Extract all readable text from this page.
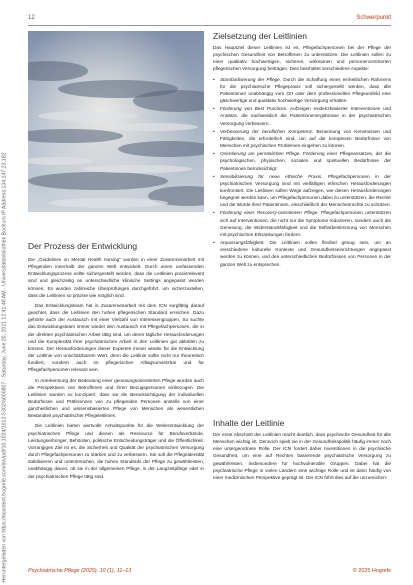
Heruntergeladen von https://econtent.hogrefe.com/doi/pdf/10.1024/1012-5302/a000807 - Saturday, June 20, 2021 12:41:48 AM - Universitätsbibliothek Bochum IP Address:134.147.23.182
12	Schwerpunkt
Der Prozess der Entwicklung

Die „Guidelines on Mental Health nursing“ wurden in einer Zusammenarbeit mit Pflegenden innerhalb der ganzen Welt entwickelt. Durch einen umfassenden Entwicklungsprozess sollte sichergestellt werden, dass die Leitlinien praxisrelevant sind und gleichzeitig an unterschiedliche klinische Settings angepasst werden können. Es wurden zahlreiche Überprüfungen durchgeführt, um sicherzustellen, dass die Leitlinien so präzise wie möglich sind.

Das Entwicklungsteam hat in Zusammenarbeit mit dem ICN sorgfältig darauf geachtet, dass die Leitlinien den hohen pflegerischen Standard erreichen. Dazu gehörte auch der Austausch mit einer Vielzahl von Interessengruppen. So suchte das Entwicklungsteam immer wieder den Austausch mit Pflegefachpersonen, die in der direkten psychiatrischen Arbeit tätig sind, um deren tägliche Herausforderungen und die Komplexität ihrer psychiatrischen Arbeit in den Leitlinien gut abbilden zu können. Der Herausforderungen dieser Experten immer wieder für die Entwicklung der Leitlinie von unschätzbarem Wert, denn die Leitlinie sollte nicht nur theoretisch fundiert, sondern auch im pflegerischen Alltagsumsetzbar und für Pflegefachpersonen relevant sein.

In Anerkennung der Bedeutung einer genesungsorientierten Pflege wurden auch die Perspektiven von Betroffenen und ihren Bezugspersonen einbezogen. Die Leitlinien wurden so konzipiert, dass sie die Berücksichtigung der individuellen Bedürfnisse und Präferenzen von zu pflegenden Personen anstelle von einer ganzheitlichen und wissensbasierten Pflege von Menschen als wesentlichen Bestandteil psychiatrischer Pflegeleitlinien.

Die Leitlinien bieten wertvolle Anhaltspunkte für die Weiterentwicklung der psychiatrischen Pflege und dienen als Ressource für Berufsverbände, Leistungserbringer, Behörden, politische Entscheidungsträger und die Öffentlichkeit. Vorrangiges Ziel ist es, die Sicherheit und Qualität der psychiatrischen Versorgung durch Pflegefachpersonen zu stärken und zu verbessern. Sie soll die Pflegeidentität stabilisieren und unterstreichen, die hohen Standards der Pflege zu gewährleisten, unabhängig davon, ob sie in der allgemeinen Pflege, in der Langzeitpflege oder in der psychiatrischen Pflege tätig sind.

Zielsetzung der Leitlinien

Das Hauptziel dieser Leitlinien ist es, Pflegefachpersonen bei der Pflege der psychischen Gesundheit von Betroffenen zu unterstützen. Die Leitlinien sollen zu einer qualitativ hochwertigen, sicheren, wirksamen und personenzentrierten pflegerischen Versorgung beitragen. Dies beinhaltet verschiedene Aspekte:

• Standardisierung der Pflege. Durch die Schaffung eines einheitlichen Rahmens für die psychiatrische Pflegepraxis soll sichergestellt werden, dass alle Patientinnen unabhängig vom Ort oder dem professionellen Pflegeumfeld eine gleichwertige und qualitativ hochwertige Versorgung erhalten.
• Förderung von Best Practices. Aufzeigen evidenzbasierter Interventionen und Ansätze, die nachweislich die Patientinnenergebnisse in der psychiatrischen Versorgung verbessern.
• Verbesserung der beruflichen Kompetenz. Benennung von Kenntnissen und Fähigkeiten, die erforderlich sind, um auf die komplexen Bedürfnisse von Menschen mit psychischen Problemen eingehen zu können.
• Orientierung am persönlichen Pflege. Förderung einer Pflegeansatzes, der die psychologischen, physischen, sozialen und spirituellen Bedürfnisse der Patientinnen berücksichtigt.
• Sensibilisierung für neue ethische Praxis. Pflegefachpersonen in der psychiatrischen Versorgung sind mit vielfältigen ethischen Herausforderungen konfrontiert. Die Leitlinien sollen Wege aufzeigen, wie diesen Herausforderungen begegnet werden kann, um Pflegefachpersonen dabei zu unterstützen, die Rechte und die Würde ihrer Patientinnen, einschließlich der Menschenrechte zu schützen.
• Förderung einer Recovery-orientierten Pflege. Pflegefachpersonen unterstützen sich auf Interventionen, die nicht nur die Symptome reduzieren, sondern auch die Genesung, die Widerstandsfähigkeit und die Selbstbestimmung von Menschen mit psychischen Erkrankungen fördern.
• Anpassungsfähigkeit. Die Leitlinien sollen flexibel genug sein, um an verschiedene kulturelle Kontexte und Gesundheitseinrichtungen angepasst werden zu können, und den unterschiedlichen Bedürfnissen von Personen in der ganzen Welt zu entsprechen.
Inhalte der Leitlinie

Der erste Abschnitt der Leitlinien macht deutlich, dass psychische Gesundheit für alle Menschen wichtig ist. Dennoch spielt sie in der Gesundheitspolitik häufig immer noch eine untergeordnete Rolle. Der ICN fordert daher Investitionen in die psychische Gesundheit, um eine auf Rechten basierende psychiatrische Versorgung zu gewährleisten, insbesondere für hochvulnerable Gruppen. Dabei hat die psychiatrische Pflege in vielen Ländern eine wichtige Rolle und ist dann häufig von einer medizinischen Perspektive geprägt ist. Der ICN führt dies auf die unzureichen-

Psychiatrische Pflege (2025), 10 (1), 11–13	© 2025 Hogrefe
